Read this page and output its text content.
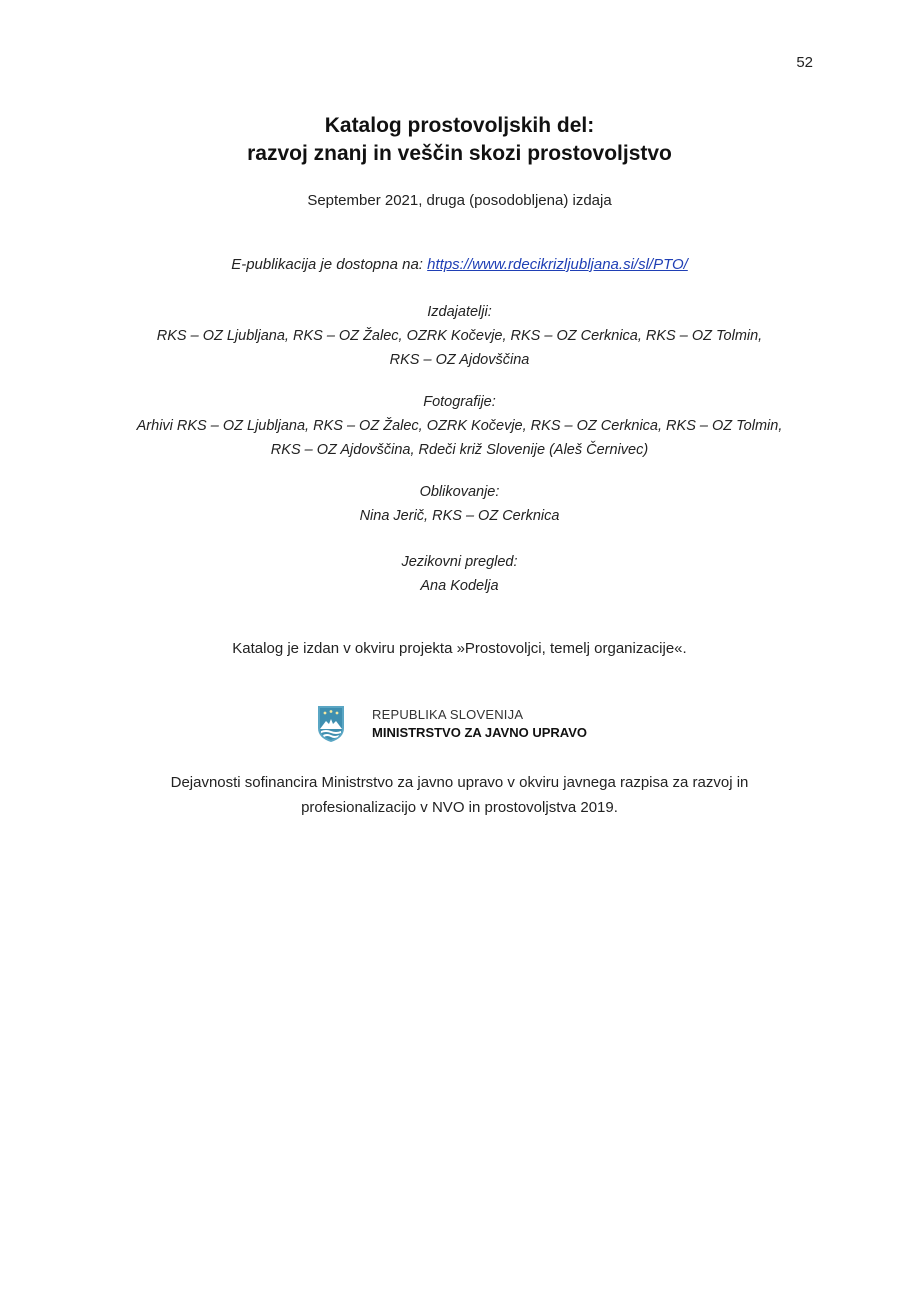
52
Katalog prostovoljskih del:
razvoj znanj in veščin skozi prostovoljstvo
September 2021, druga (posodobljena) izdaja
E-publikacija je dostopna na: https://www.rdecikrizljubljana.si/sl/PTO/
Izdajatelji:
RKS – OZ Ljubljana, RKS – OZ Žalec, OZRK Kočevje, RKS – OZ Cerknica, RKS – OZ Tolmin,
RKS – OZ Ajdovščina
Fotografije:
Arhivi RKS – OZ Ljubljana, RKS – OZ Žalec, OZRK Kočevje, RKS – OZ Cerknica, RKS – OZ Tolmin,
RKS – OZ Ajdovščina, Rdeči križ Slovenije (Aleš Černivec)
Oblikovanje:
Nina Jerič, RKS – OZ Cerknica
Jezikovni pregled:
Ana Kodelja
Katalog je izdan v okviru projekta »Prostovoljci, temelj organizacije«.
REPUBLIKA SLOVENIJA
MINISTRSTVO ZA JAVNO UPRAVO
Dejavnosti sofinancira Ministrstvo za javno upravo v okviru javnega razpisa za razvoj in
profesionalizacijo v NVO in prostovoljstva 2019.
